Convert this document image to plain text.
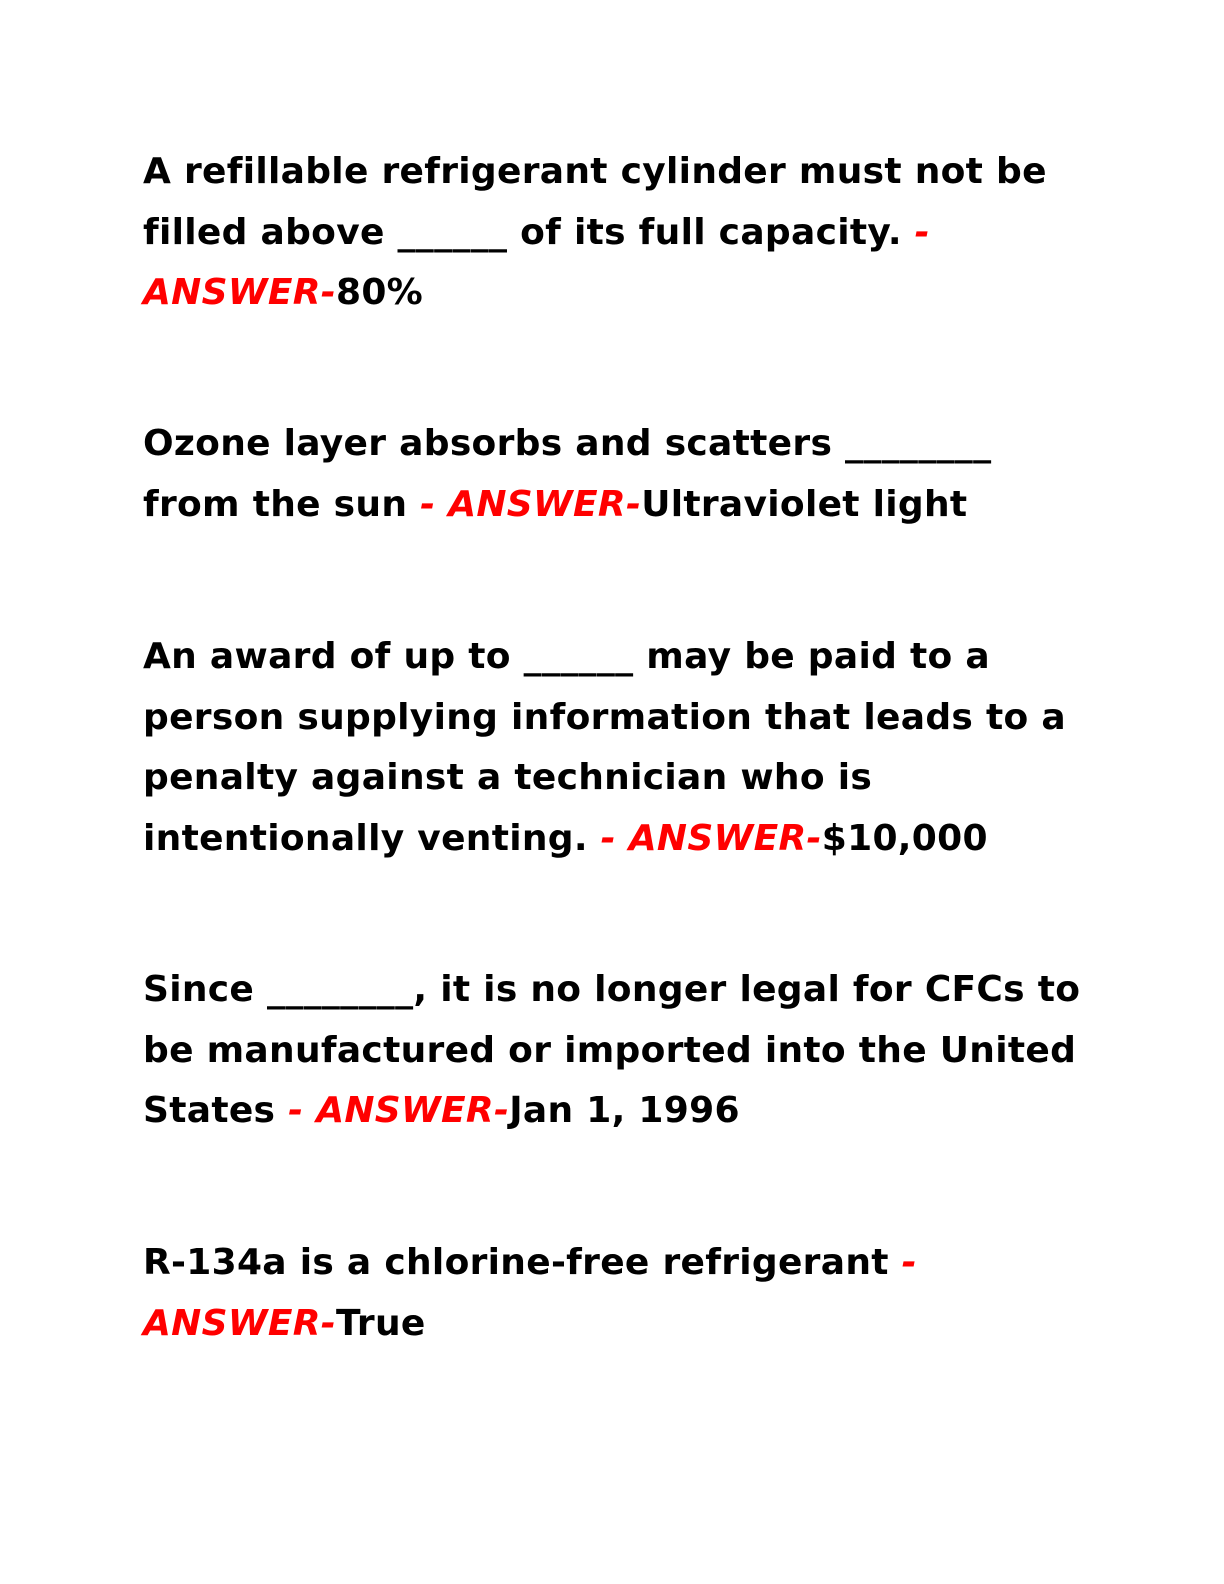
A refillable refrigerant cylinder must not be filled above ______ of its full capacity. - ANSWER-80%

Ozone layer absorbs and scatters ________ from the sun - ANSWER-Ultraviolet light

An award of up to ______ may be paid to a person supplying information that leads to a penalty against a technician who is intentionally venting. - ANSWER-$10,000

Since ________, it is no longer legal for CFCs to be manufactured or imported into the United States - ANSWER-Jan 1, 1996

R-134a is a chlorine-free refrigerant - ANSWER-True
